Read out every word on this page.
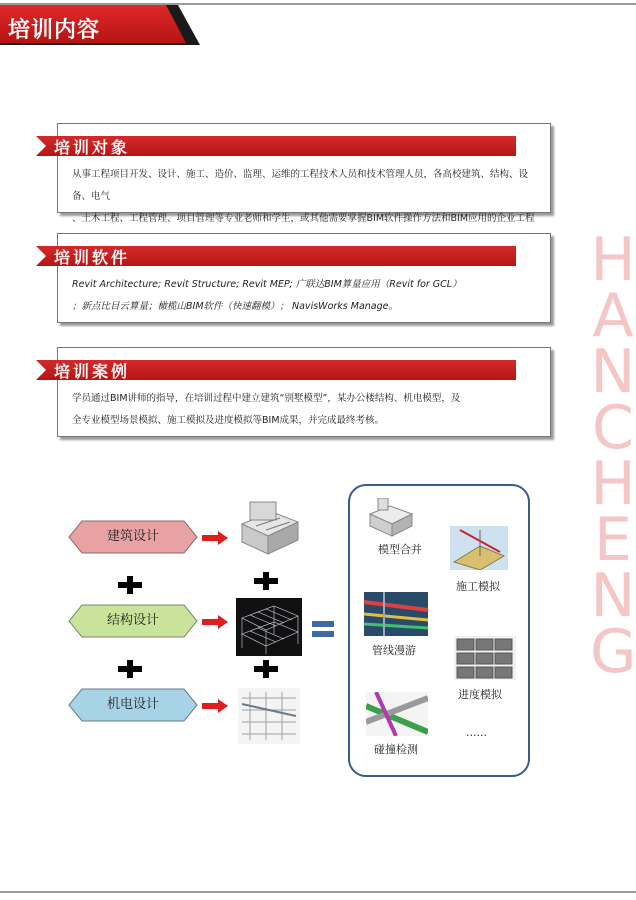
培训内容
H
A
N
C
H
E
N
G
培训对象
从事工程项目开发、设计、施工、造价、监理、运维的工程技术人员和技术管理人员，各高校建筑、结构、设备、电气
、土木工程、工程管理、项目管理等专业老师和学生，或其他需要掌握BIM软件操作方法和BIM应用的企业工程
培训软件
Revit Architecture; Revit Structure; Revit MEP; 广联达BIM算量应用（Revit for GCL）
；新点比目云算量；橄榄山BIM软件（快速翻模）； NavisWorks Manage。
培训案例
学员通过BIM讲师的指导，在培训过程中建立建筑“别墅模型”，某办公楼结构、机电模型，及
全专业模型场景模拟、施工模拟及进度模拟等BIM成果，并完成最终考核。
建筑设计
结构设计
机电设计
模型合并
施工模拟
管线漫游
进度模拟
碰撞检测
......
